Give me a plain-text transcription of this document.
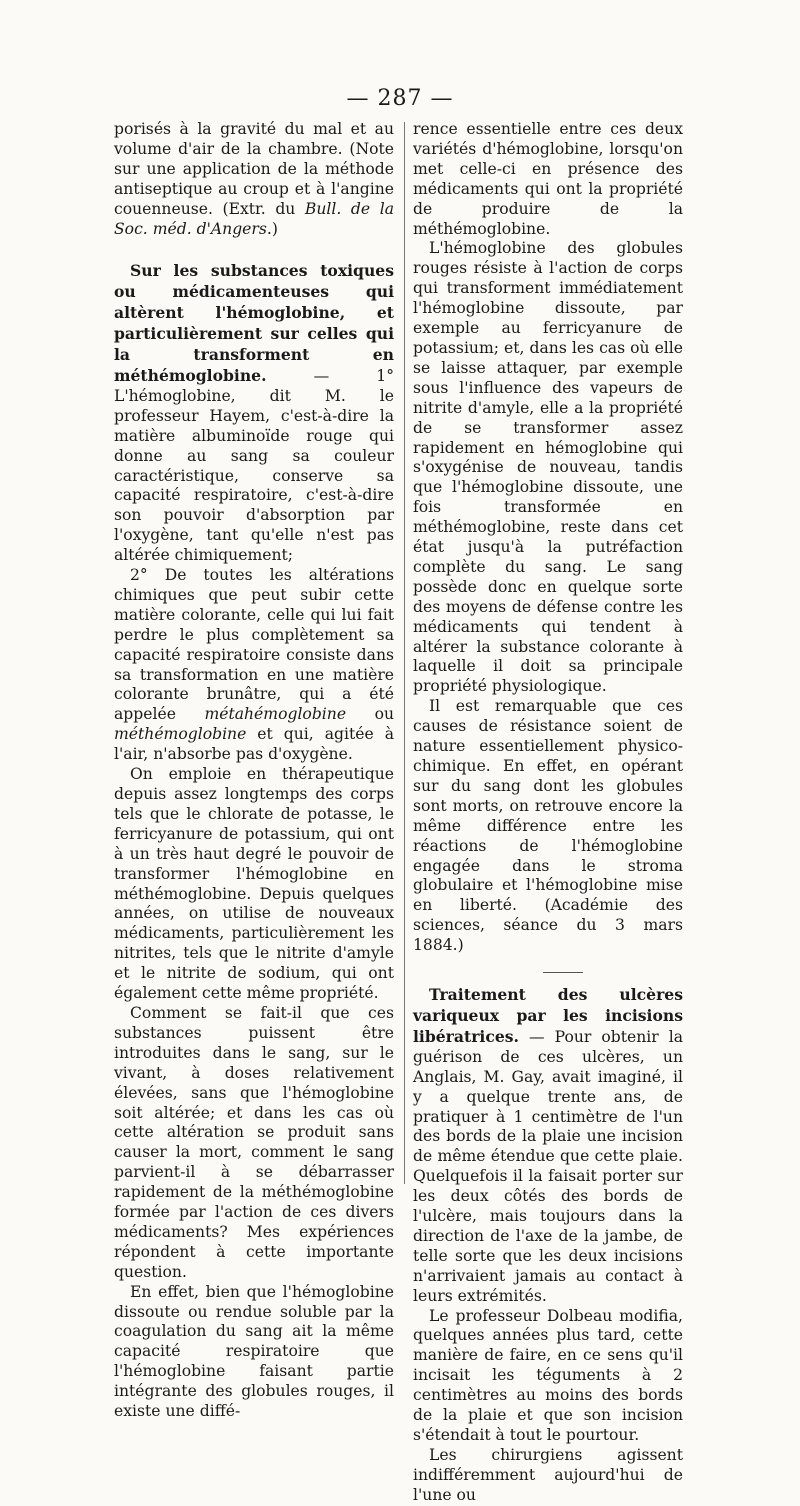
— 287 —

porisés à la gravité du mal et au volume d'air de la chambre. (Note sur une application de la méthode antiseptique au croup et à l'angine couenneuse. (Extr. du Bull. de la Soc. méd. d'Angers.)

Sur les substances toxiques ou médicamenteuses qui altèrent l'hémoglobine, et particulièrement sur celles qui la transforment en méthémoglobine. — 1° L'hémoglobine, dit M. le professeur Hayem, c'est-à-dire la matière albuminoïde rouge qui donne au sang sa couleur caractéristique, conserve sa capacité respiratoire, c'est-à-dire son pouvoir d'absorption par l'oxygène, tant qu'elle n'est pas altérée chimiquement;

2° De toutes les altérations chimiques que peut subir cette matière colorante, celle qui lui fait perdre le plus complètement sa capacité respiratoire consiste dans sa transformation en une matière colorante brunâtre, qui a été appelée métahémoglobine ou méthémoglobine et qui, agitée à l'air, n'absorbe pas d'oxygène.

On emploie en thérapeutique depuis assez longtemps des corps tels que le chlorate de potasse, le ferricyanure de potassium, qui ont à un très haut degré le pouvoir de transformer l'hémoglobine en méthémoglobine. Depuis quelques années, on utilise de nouveaux médicaments, particulièrement les nitrites, tels que le nitrite d'amyle et le nitrite de sodium, qui ont également cette même propriété.

Comment se fait-il que ces substances puissent être introduites dans le sang, sur le vivant, à doses relativement élevées, sans que l'hémoglobine soit altérée; et dans les cas où cette altération se produit sans causer la mort, comment le sang parvient-il à se débarrasser rapidement de la méthémoglobine formée par l'action de ces divers médicaments? Mes expériences répondent à cette importante question.

En effet, bien que l'hémoglobine dissoute ou rendue soluble par la coagulation du sang ait la même capacité respiratoire que l'hémoglobine faisant partie intégrante des globules rouges, il existe une diffé-

rence essentielle entre ces deux variétés d'hémoglobine, lorsqu'on met celle-ci en présence des médicaments qui ont la propriété de produire de la méthémoglobine.

L'hémoglobine des globules rouges résiste à l'action de corps qui transforment immédiatement l'hémoglobine dissoute, par exemple au ferricyanure de potassium; et, dans les cas où elle se laisse attaquer, par exemple sous l'influence des vapeurs de nitrite d'amyle, elle a la propriété de se transformer assez rapidement en hémoglobine qui s'oxygénise de nouveau, tandis que l'hémoglobine dissoute, une fois transformée en méthémoglobine, reste dans cet état jusqu'à la putréfaction complète du sang. Le sang possède donc en quelque sorte des moyens de défense contre les médicaments qui tendent à altérer la substance colorante à laquelle il doit sa principale propriété physiologique.

Il est remarquable que ces causes de résistance soient de nature essentiellement physico-chimique. En effet, en opérant sur du sang dont les globules sont morts, on retrouve encore la même différence entre les réactions de l'hémoglobine engagée dans le stroma globulaire et l'hémoglobine mise en liberté. (Académie des sciences, séance du 3 mars 1884.)

Traitement des ulcères variqueux par les incisions libératrices. — Pour obtenir la guérison de ces ulcères, un Anglais, M. Gay, avait imaginé, il y a quelque trente ans, de pratiquer à 1 centimètre de l'un des bords de la plaie une incision de même étendue que cette plaie. Quelquefois il la faisait porter sur les deux côtés des bords de l'ulcère, mais toujours dans la direction de l'axe de la jambe, de telle sorte que les deux incisions n'arrivaient jamais au contact à leurs extrémités.

Le professeur Dolbeau modifia, quelques années plus tard, cette manière de faire, en ce sens qu'il incisait les téguments à 2 centimètres au moins des bords de la plaie et que son incision s'étendait à tout le pourtour.

Les chirurgiens agissent indifféremment aujourd'hui de l'une ou
